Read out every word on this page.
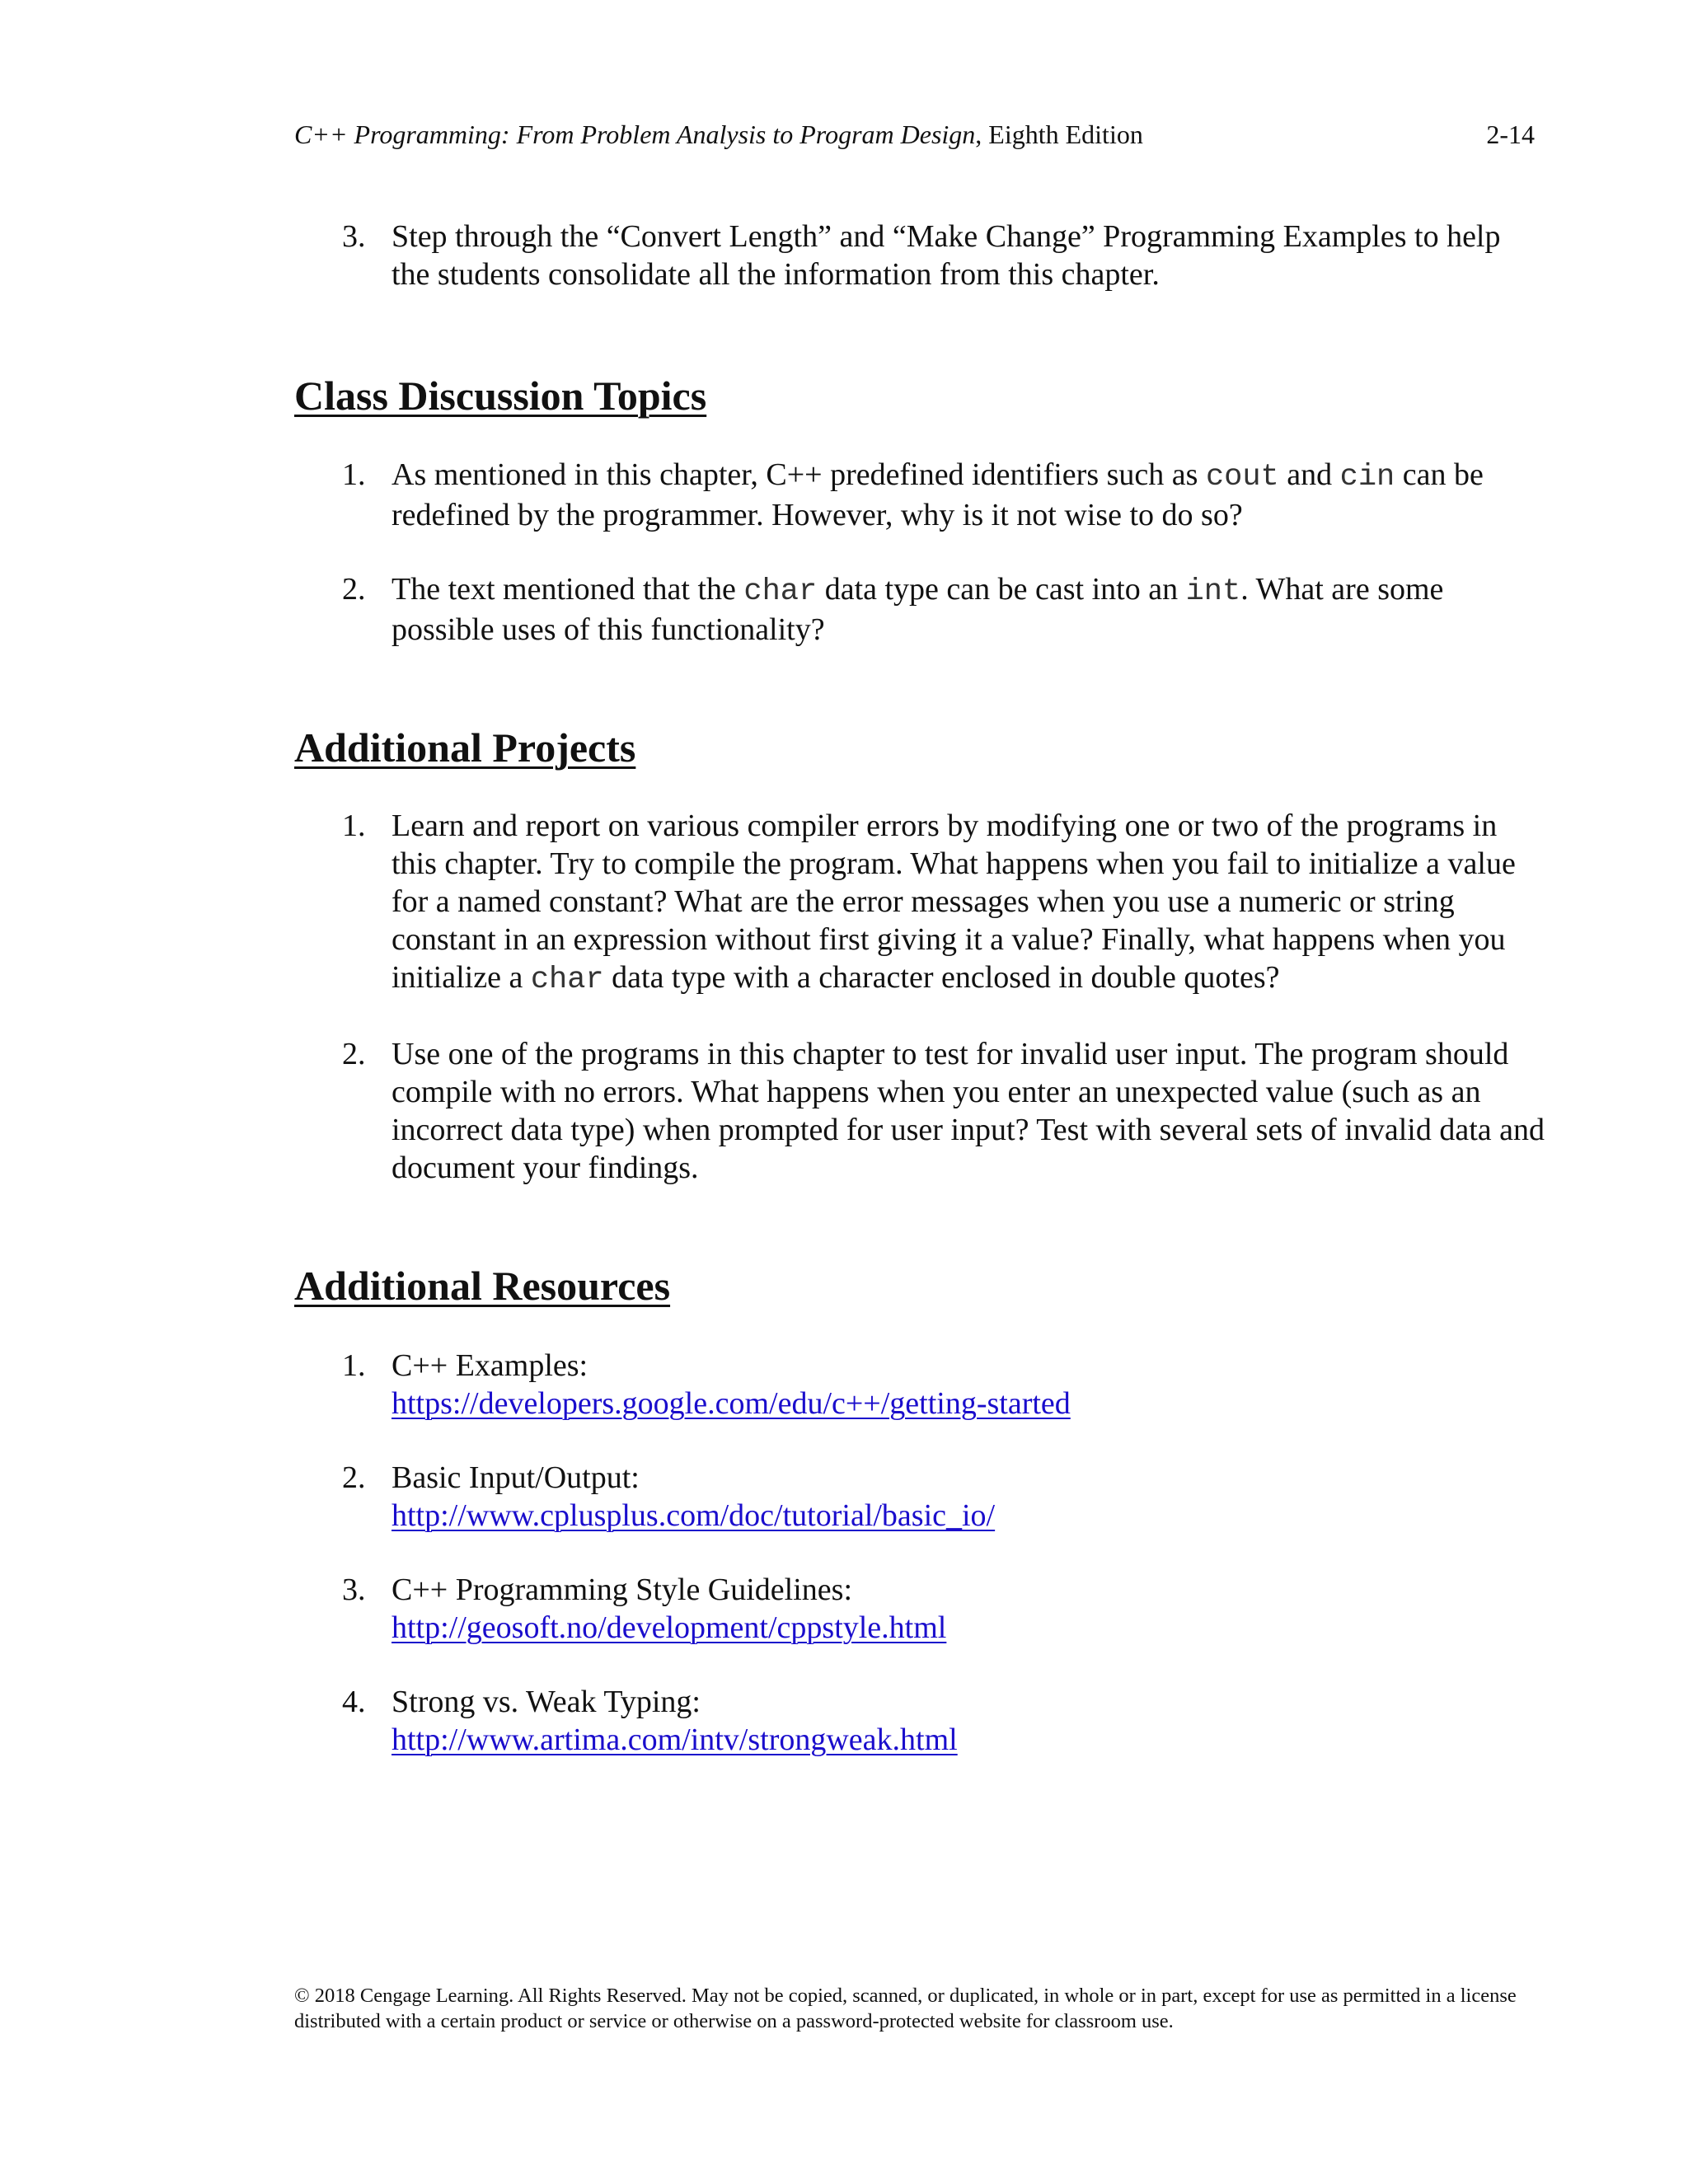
C++ Programming: From Problem Analysis to Program Design, Eighth Edition	2-14
3. Step through the “Convert Length” and “Make Change” Programming Examples to help the students consolidate all the information from this chapter.
Class Discussion Topics
1. As mentioned in this chapter, C++ predefined identifiers such as cout and cin can be redefined by the programmer. However, why is it not wise to do so?
2. The text mentioned that the char data type can be cast into an int. What are some possible uses of this functionality?
Additional Projects
1. Learn and report on various compiler errors by modifying one or two of the programs in this chapter. Try to compile the program. What happens when you fail to initialize a value for a named constant? What are the error messages when you use a numeric or string constant in an expression without first giving it a value? Finally, what happens when you initialize a char data type with a character enclosed in double quotes?
2. Use one of the programs in this chapter to test for invalid user input. The program should compile with no errors. What happens when you enter an unexpected value (such as an incorrect data type) when prompted for user input? Test with several sets of invalid data and document your findings.
Additional Resources
1. C++ Examples:
https://developers.google.com/edu/c++/getting-started
2. Basic Input/Output:
http://www.cplusplus.com/doc/tutorial/basic_io/
3. C++ Programming Style Guidelines:
http://geosoft.no/development/cppstyle.html
4. Strong vs. Weak Typing:
http://www.artima.com/intv/strongweak.html
© 2018 Cengage Learning. All Rights Reserved. May not be copied, scanned, or duplicated, in whole or in part, except for use as permitted in a license distributed with a certain product or service or otherwise on a password-protected website for classroom use.
